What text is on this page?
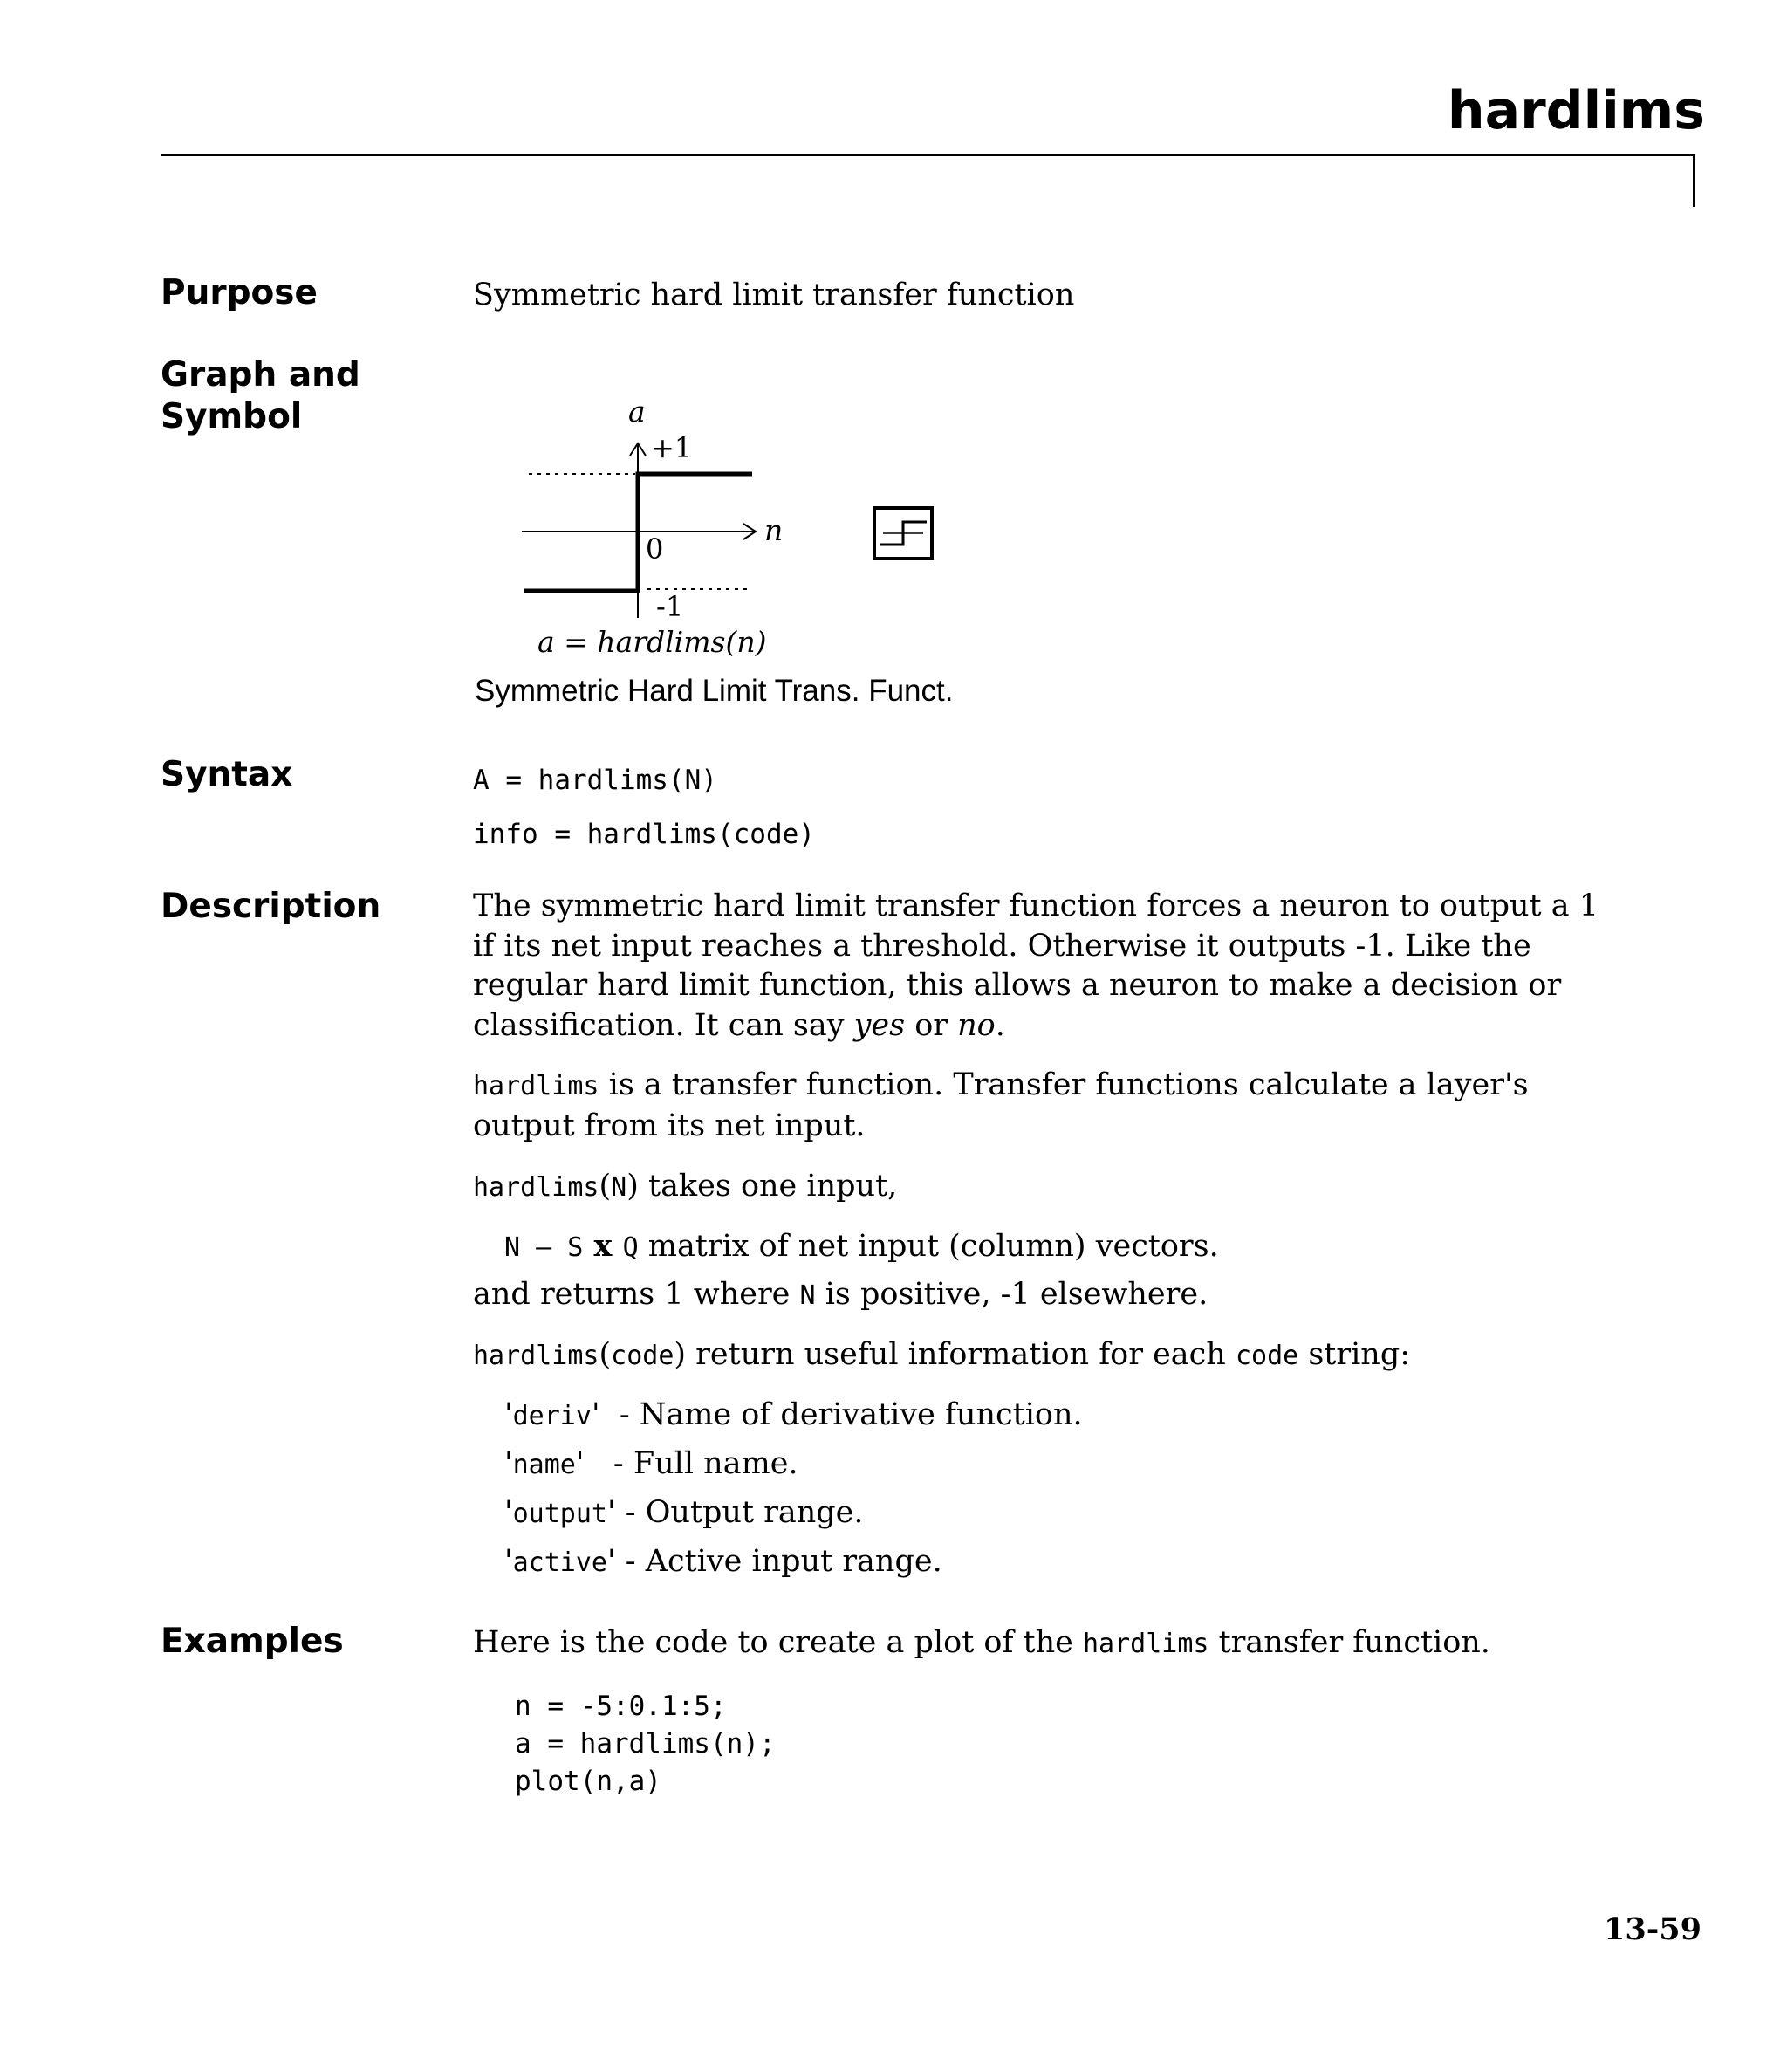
hardlims
Purpose	Symmetric hard limit transfer function
Graph and
Symbol	a
+1
n
0
-1
a = hardlims(n)
Symmetric Hard Limit Trans. Funct.
Syntax	A = hardlims(N)
info = hardlims(code)
Description	The symmetric hard limit transfer function forces a neuron to output a 1 if its net input reaches a threshold. Otherwise it outputs -1. Like the regular hard limit function, this allows a neuron to make a decision or classification. It can say yes or no.
hardlims is a transfer function. Transfer functions calculate a layer's output from its net input.
hardlims(N) takes one input,
N – S x Q matrix of net input (column) vectors.
and returns 1 where N is positive, -1 elsewhere.
hardlims(code) return useful information for each code string:
'deriv'  - Name of derivative function.
'name'   - Full name.
'output' - Output range.
'active' - Active input range.
Examples	Here is the code to create a plot of the hardlims transfer function.
n = -5:0.1:5;
a = hardlims(n);
plot(n,a)
13-59
